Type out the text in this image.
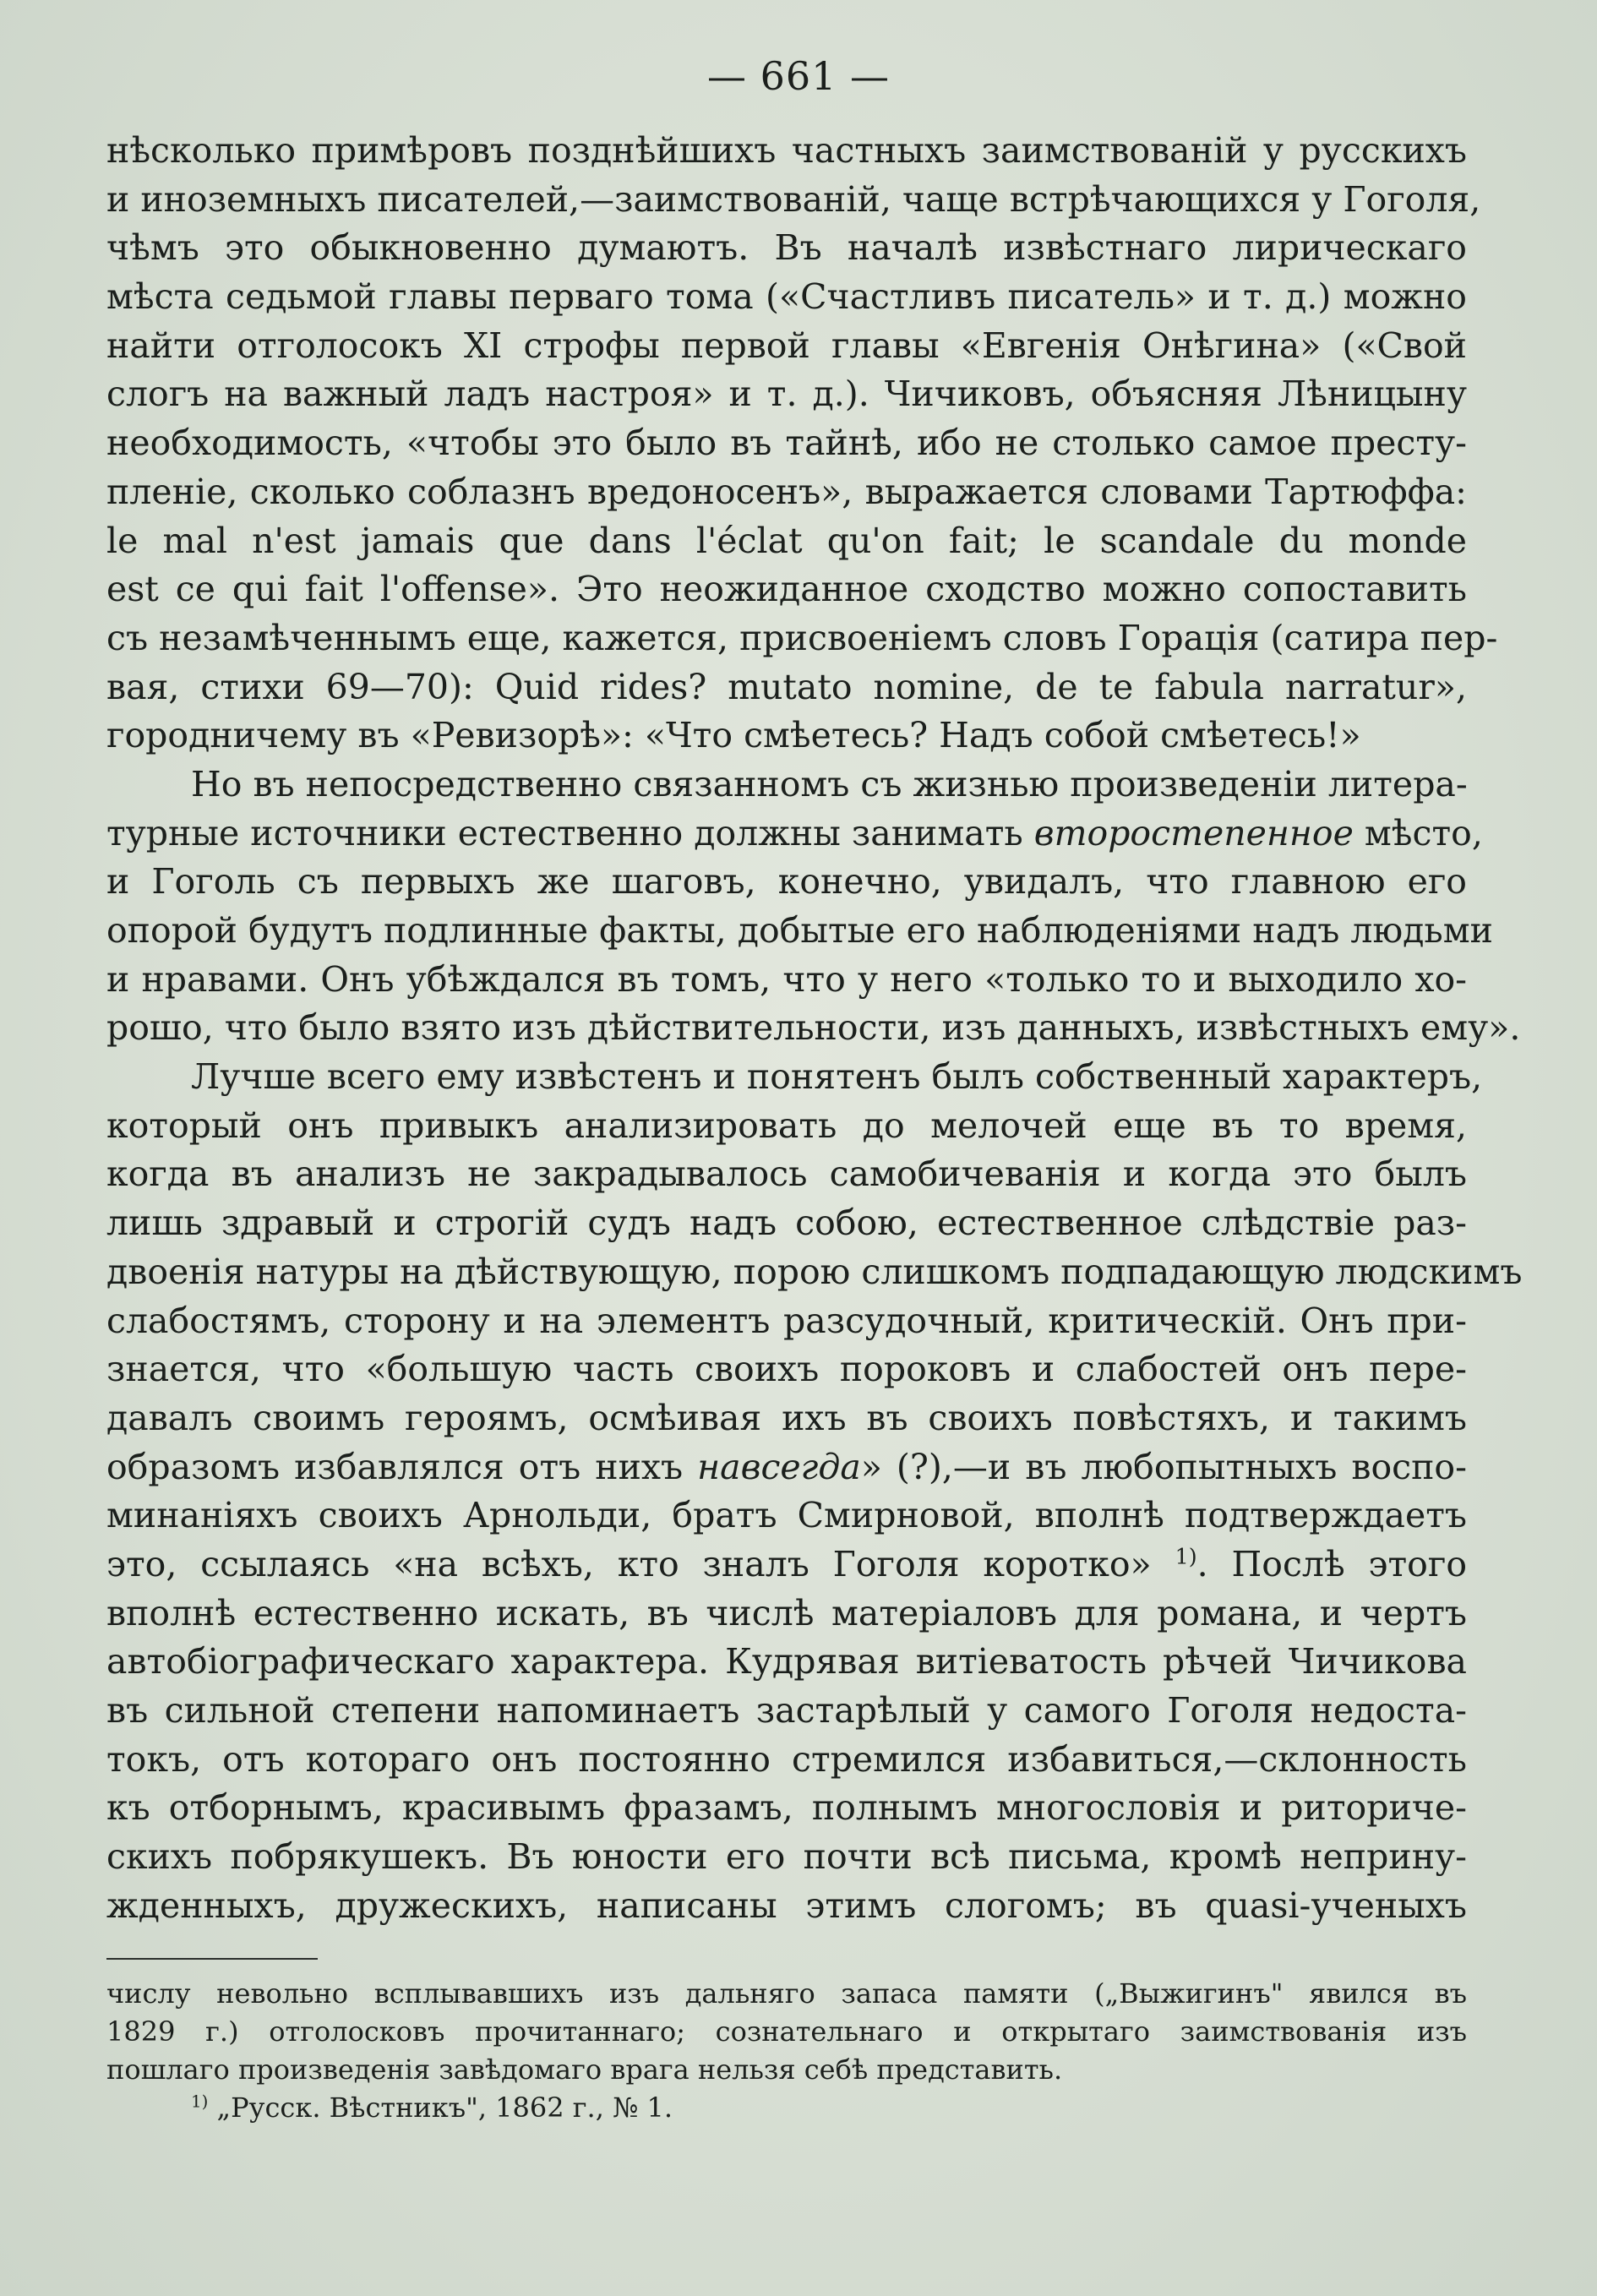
— 661 —
нѣсколько примѣровъ позднѣйшихъ частныхъ заимствованій у русскихъ
и иноземныхъ писателей,—заимствованій, чаще встрѣчающихся у Гоголя,
чѣмъ это обыкновенно думаютъ. Въ началѣ извѣстнаго лирическаго
мѣста седьмой главы перваго тома («Счастливъ писатель» и т. д.) можно
найти отголосокъ XI строфы первой главы «Евгенія Онѣгина» («Свой
слогъ на важный ладъ настроя» и т. д.). Чичиковъ, объясняя Лѣницыну
необходимость, «чтобы это было въ тайнѣ, ибо не столько самое престу-
пленіе, сколько соблазнъ вредоносенъ», выражается словами Тартюффа:
le mal n'est jamais que dans l'éclat qu'on fait; le scandale du monde
est ce qui fait l'offense». Это неожиданное сходство можно сопоставить
съ незамѣченнымъ еще, кажется, присвоеніемъ словъ Горація (сатира пер-
вая, стихи 69—70): Quid rides? mutato nomine, de te fabula narratur»,
городничему въ «Ревизорѣ»: «Что смѣетесь? Надъ собой смѣетесь!»
Но въ непосредственно связанномъ съ жизнью произведеніи литера-
турные источники естественно должны занимать второстепенное мѣсто,
и Гоголь съ первыхъ же шаговъ, конечно, увидалъ, что главною его
опорой будутъ подлинные факты, добытые его наблюденіями надъ людьми
и нравами. Онъ убѣждался въ томъ, что у него «только то и выходило хо-
рошо, что было взято изъ дѣйствительности, изъ данныхъ, извѣстныхъ ему».
Лучше всего ему извѣстенъ и понятенъ былъ собственный характеръ,
который онъ привыкъ анализировать до мелочей еще въ то время,
когда въ анализъ не закрадывалось самобичеванія и когда это былъ
лишь здравый и строгій судъ надъ собою, естественное слѣдствіе раз-
двоенія натуры на дѣйствующую, порою слишкомъ подпадающую людскимъ
слабостямъ, сторону и на элементъ разсудочный, критическій. Онъ при-
знается, что «большую часть своихъ пороковъ и слабостей онъ пере-
давалъ своимъ героямъ, осмѣивая ихъ въ своихъ повѣстяхъ, и такимъ
образомъ избавлялся отъ нихъ навсегда» (?),—и въ любопытныхъ воспо-
минаніяхъ своихъ Арнольди, братъ Смирновой, вполнѣ подтверждаетъ
это, ссылаясь «на всѣхъ, кто зналъ Гоголя коротко» $^{1)}$. Послѣ этого
вполнѣ естественно искать, въ числѣ матеріаловъ для романа, и чертъ
автобіографическаго характера. Кудрявая витіеватость рѣчей Чичикова
въ сильной степени напоминаетъ застарѣлый у самого Гоголя недоста-
токъ, отъ котораго онъ постоянно стремился избавиться,—склонность
къ отборнымъ, красивымъ фразамъ, полнымъ многословія и риториче-
скихъ побрякушекъ. Въ юности его почти всѣ письма, кромѣ неприну-
жденныхъ, дружескихъ, написаны этимъ слогомъ; въ quasi-ученыхъ
числу невольно всплывавшихъ изъ дальняго запаса памяти („Выжигинъ" явился въ
1829 г.) отголосковъ прочитаннаго; сознательнаго и открытаго заимствованія изъ
пошлаго произведенія завѣдомаго врага нельзя себѣ представить.
$^{1)}$ „Русск. Вѣстникъ", 1862 г., № 1.
